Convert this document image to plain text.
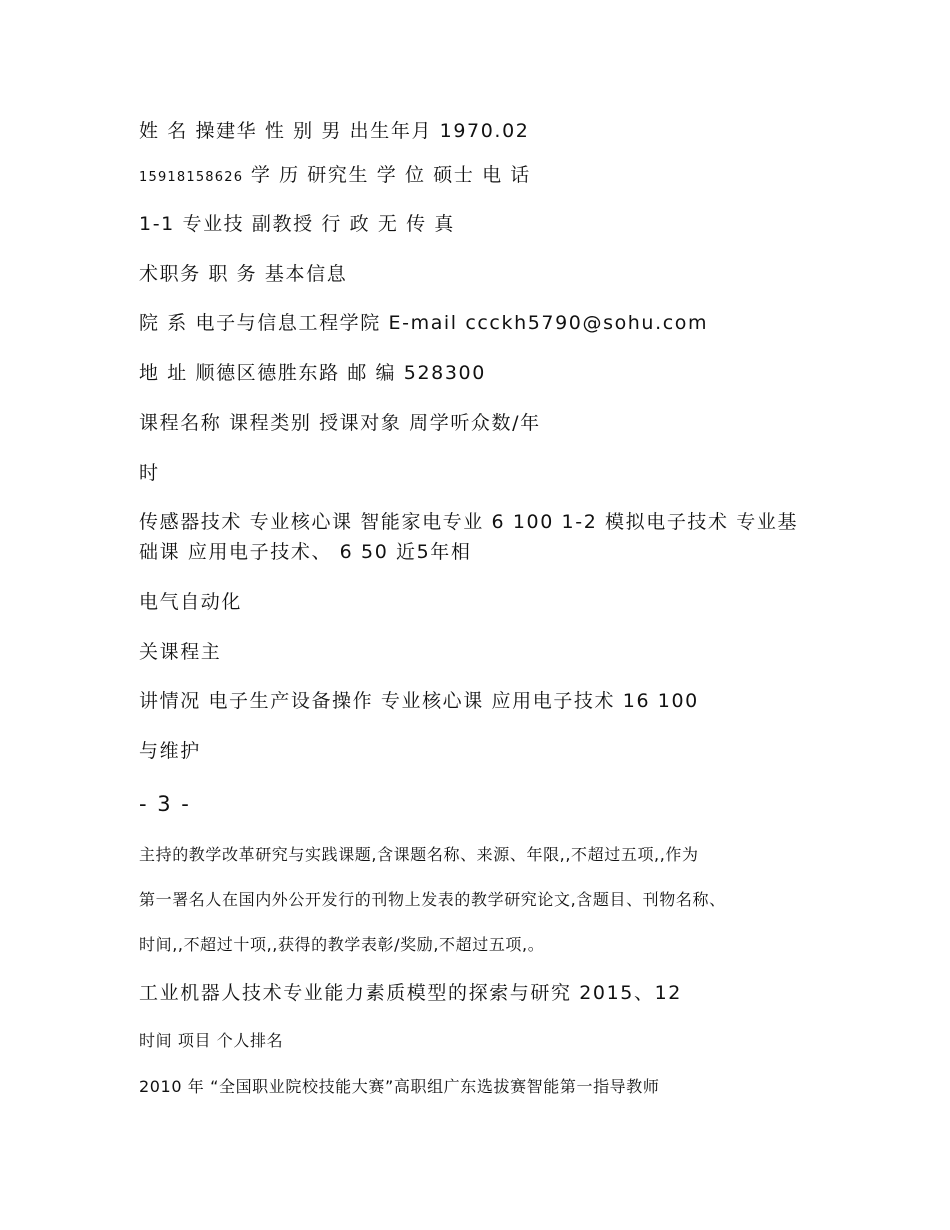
姓 名 操建华 性 别 男 出生年月 1970.02
15918158626 学 历 研究生 学 位 硕士 电 话
1-1 专业技 副教授 行 政 无 传 真
术职务 职 务 基本信息
院 系 电子与信息工程学院 E-mail ccckh5790@sohu.com
地 址 顺德区德胜东路 邮 编 528300
课程名称 课程类别 授课对象 周学听众数/年
时
传感器技术 专业核心课 智能家电专业 6 100 1-2 模拟电子技术 专业基
础课 应用电子技术、 6 50 近5年相
电气自动化
关课程主
讲情况 电子生产设备操作 专业核心课 应用电子技术 16 100
与维护
- 3 -
主持的教学改革研究与实践课题,含课题名称、来源、年限,,不超过五项,,作为
第一署名人在国内外公开发行的刊物上发表的教学研究论文,含题目、刊物名称、
时间,,不超过十项,,获得的教学表彰/奖励,不超过五项,。
工业机器人技术专业能力素质模型的探索与研究 2015、12
时间 项目 个人排名
2010 年 “全国职业院校技能大赛”高职组广东选拔赛智能第一指导教师
